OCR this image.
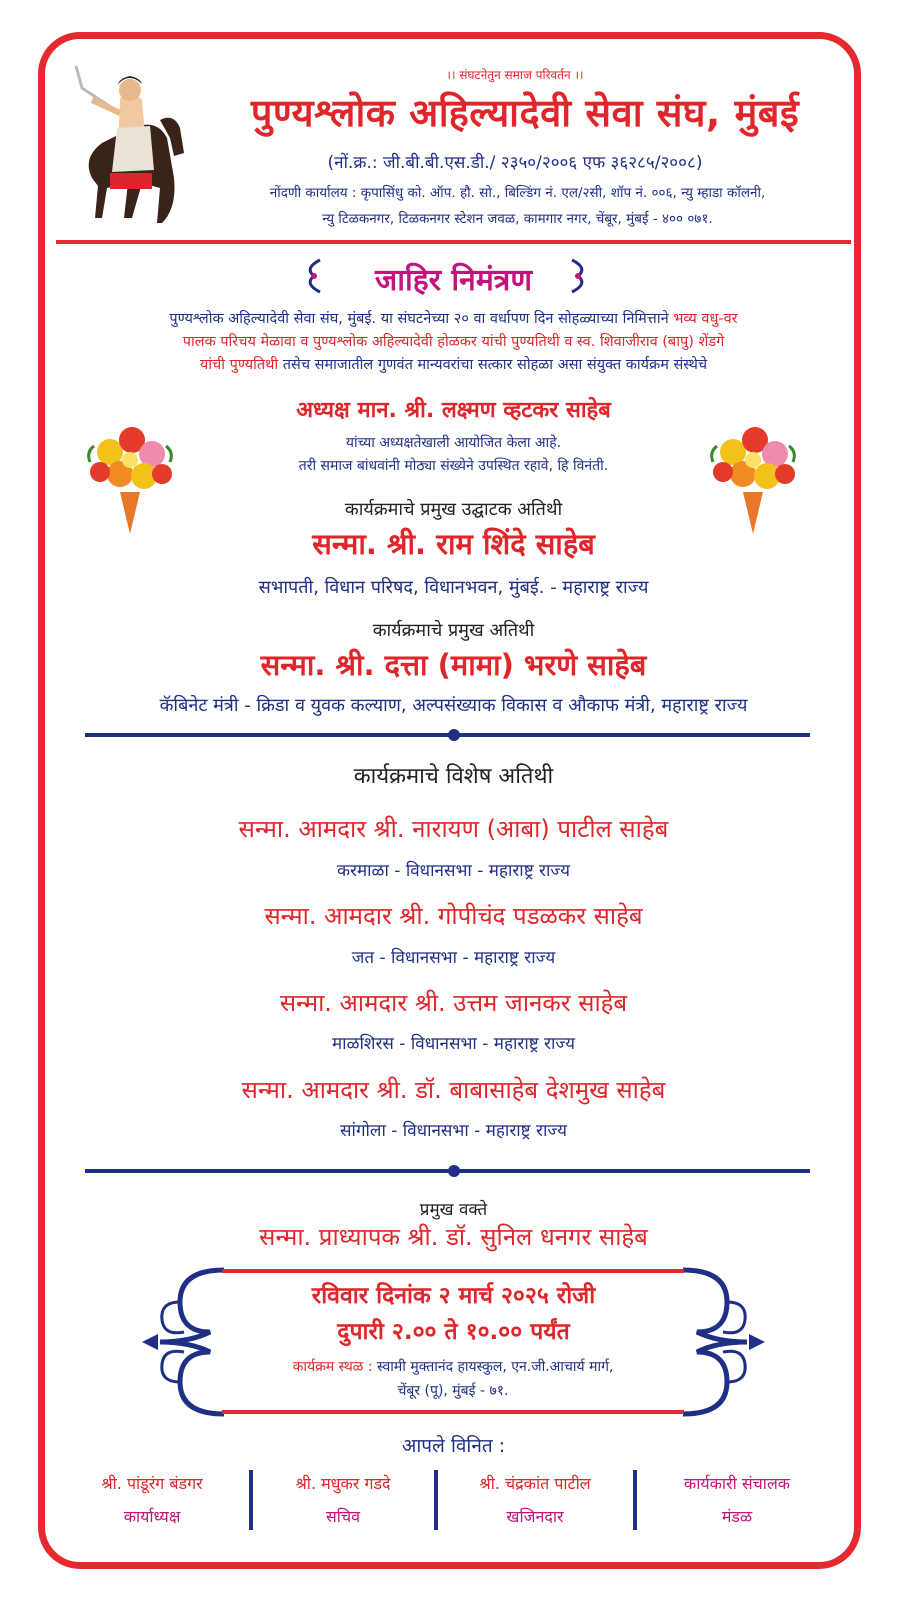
।। संघटनेतुन समाज परिवर्तन ।।
पुण्यश्लोक अहिल्यादेवी सेवा संघ, मुंबई
(नों.क्र.: जी.बी.बी.एस.डी./ २३५०/२००६ एफ ३६२८५/२००८)
नोंदणी कार्यालय : कृपासिंधु को. ऑप. हौ. सो., बिल्डिंग नं. एल/२सी, शॉप नं. ००६, न्यु म्हाडा कॉलनी,
न्यु टिळकनगर, टिळकनगर स्टेशन जवळ, कामगार नगर, चेंबूर, मुंबई - ४०० ०७१.
जाहिर निमंत्रण
पुण्यश्लोक अहिल्यादेवी सेवा संघ, मुंबई. या संघटनेच्या २० वा वर्धापण दिन सोहळ्याच्या निमित्ताने भव्य वधु-वर
पालक परिचय मेळावा व पुण्यश्लोक अहिल्यादेवी होळकर यांची पुण्यतिथी व स्व. शिवाजीराव (बापु) शेंडगे
यांची पुण्यतिथी तसेच समाजातील गुणवंत मान्यवरांचा सत्कार सोहळा असा संयुक्त कार्यक्रम संस्थेचे
अध्यक्ष मान. श्री. लक्ष्मण व्हटकर साहेब
यांच्या अध्यक्षतेखाली आयोजित केला आहे.
तरी समाज बांधवांनी मोठ्या संख्येने उपस्थित रहावे, हि विनंती.
कार्यक्रमाचे प्रमुख उद्घाटक अतिथी
सन्मा. श्री. राम शिंदे साहेब
सभापती, विधान परिषद, विधानभवन, मुंबई. - महाराष्ट्र राज्य
कार्यक्रमाचे प्रमुख अतिथी
सन्मा. श्री. दत्ता (मामा) भरणे साहेब
कॅबिनेट मंत्री - क्रिडा व युवक कल्याण, अल्पसंख्याक विकास व औकाफ मंत्री, महाराष्ट्र राज्य
कार्यक्रमाचे विशेष अतिथी
सन्मा. आमदार श्री. नारायण (आबा) पाटील साहेब
करमाळा - विधानसभा - महाराष्ट्र राज्य
सन्मा. आमदार श्री. गोपीचंद पडळकर साहेब
जत - विधानसभा - महाराष्ट्र राज्य
सन्मा. आमदार श्री. उत्तम जानकर साहेब
माळशिरस - विधानसभा - महाराष्ट्र राज्य
सन्मा. आमदार श्री. डॉ. बाबासाहेब देशमुख साहेब
सांगोला - विधानसभा - महाराष्ट्र राज्य
प्रमुख वक्ते
सन्मा. प्राध्यापक श्री. डॉ. सुनिल धनगर साहेब
रविवार दिनांक २ मार्च २०२५ रोजी
दुपारी २.०० ते १०.०० पर्यंत
कार्यक्रम स्थळ : स्वामी मुक्तानंद हायस्कुल, एन.जी.आचार्य मार्ग,
चेंबूर (पू), मुंबई - ७१.
आपले विनित :
श्री. पांडूरंग बंडगर
कार्याध्यक्ष
श्री. मधुकर गडदे
सचिव
श्री. चंद्रकांत पाटील
खजिनदार
कार्यकारी संचालक
मंडळ
